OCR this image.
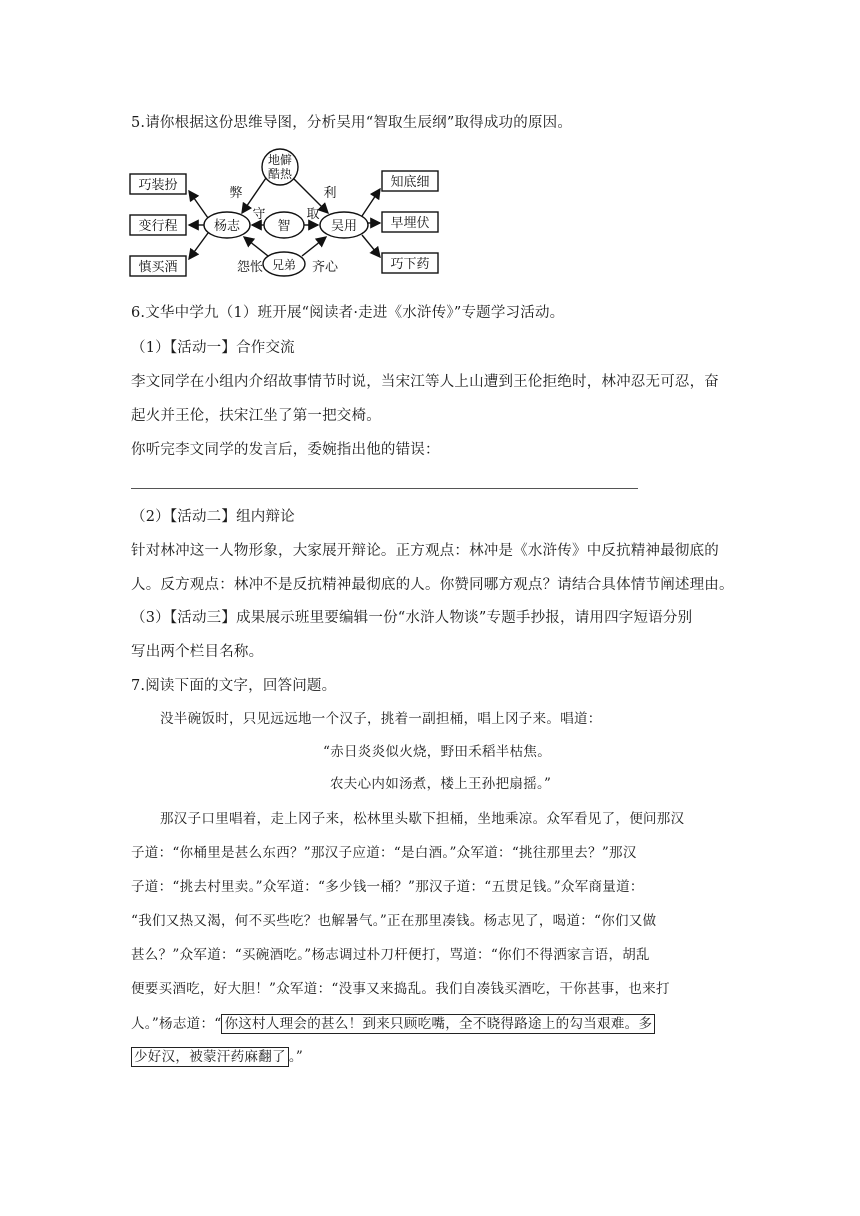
5.请你根据这份思维导图，分析吴用“智取生辰纲”取得成功的原因。
巧装扮
变行程
慎买酒
知底细
早埋伏
巧下药
地僻
酷热
杨志	智	吴用
兄弟
弊	利
守	取
怨怅	齐心
6.文华中学九（1）班开展“阅读者·走进《水浒传》”专题学习活动。
（1）【活动一】合作交流
李文同学在小组内介绍故事情节时说，当宋江等人上山遭到王伦拒绝时，林冲忍无可忍，奋
起火并王伦，扶宋江坐了第一把交椅。
你听完李文同学的发言后，委婉指出他的错误：
（2）【活动二】组内辩论
针对林冲这一人物形象，大家展开辩论。正方观点：林冲是《水浒传》中反抗精神最彻底的
人。反方观点：林冲不是反抗精神最彻底的人。你赞同哪方观点？请结合具体情节阐述理由。
（3）【活动三】成果展示班里要编辑一份“水浒人物谈”专题手抄报，请用四字短语分别
写出两个栏目名称。
7.阅读下面的文字，回答问题。
没半碗饭时，只见远远地一个汉子，挑着一副担桶，唱上冈子来。唱道：
“赤日炎炎似火烧，野田禾稻半枯焦。
农夫心内如汤煮，楼上王孙把扇摇。”
那汉子口里唱着，走上冈子来，松林里头歇下担桶，坐地乘凉。众军看见了，便问那汉
子道：“你桶里是甚么东西？”那汉子应道：“是白酒。”众军道：“挑往那里去？”那汉
子道：“挑去村里卖。”众军道：“多少钱一桶？”那汉子道：“五贯足钱。”众军商量道：
“我们又热又渴，何不买些吃？也解暑气。”正在那里凑钱。杨志见了，喝道：“你们又做
甚么？”众军道：“买碗酒吃。”杨志调过朴刀杆便打，骂道：“你们不得洒家言语，胡乱
便要买酒吃，好大胆！”众军道：“没事又来捣乱。我们自凑钱买酒吃，干你甚事，也来打
人。”杨志道：“ 你这村人理会的甚么！到来只顾吃嘴，全不晓得路途上的勾当艰难。多
少好汉，被蒙汗药麻翻了 。”
